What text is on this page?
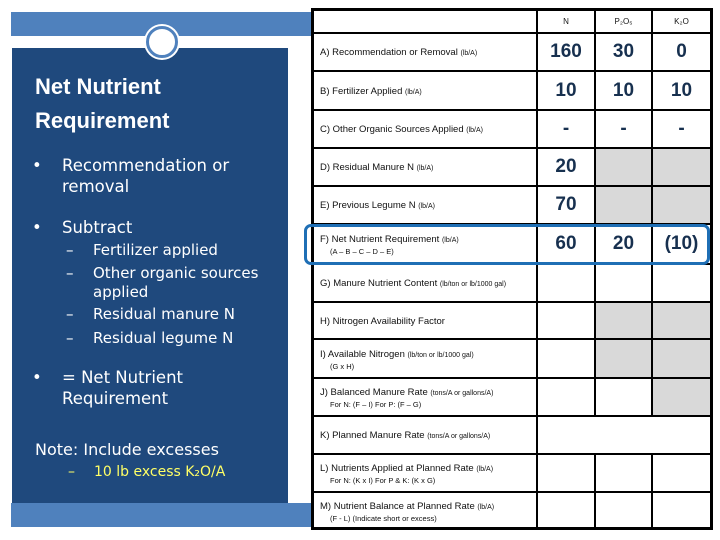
Net Nutrient
Requirement
• Recommendation or removal
• Subtract
– Fertilizer applied
– Other organic sources applied
– Residual manure N
– Residual legume N
• = Net Nutrient Requirement
Note: Include excesses
– 10 lb excess K₂O/A
N	P₂O₅	K₂O
A) Recommendation or Removal (lb/A)	160	30	0
B) Fertilizer Applied (lb/A)	10	10	10
C) Other Organic Sources Applied (lb/A)	-	-	-
D) Residual Manure N (lb/A)	20
E) Previous Legume N (lb/A)	70
F) Net Nutrient Requirement (lb/A)
(A – B – C – D – E)	60	20	(10)
G) Manure Nutrient Content (lb/ton or lb/1000 gal)
H) Nitrogen Availability Factor
I) Available Nitrogen (lb/ton or lb/1000 gal)
(G x H)
J) Balanced Manure Rate (tons/A or gallons/A)
For N: (F – I) For P: (F – G)
K) Planned Manure Rate (tons/A or gallons/A)
L) Nutrients Applied at Planned Rate (lb/A)
For N: (K x I) For P & K: (K x G)
M) Nutrient Balance at Planned Rate (lb/A)
(F - L) (Indicate short or excess)
